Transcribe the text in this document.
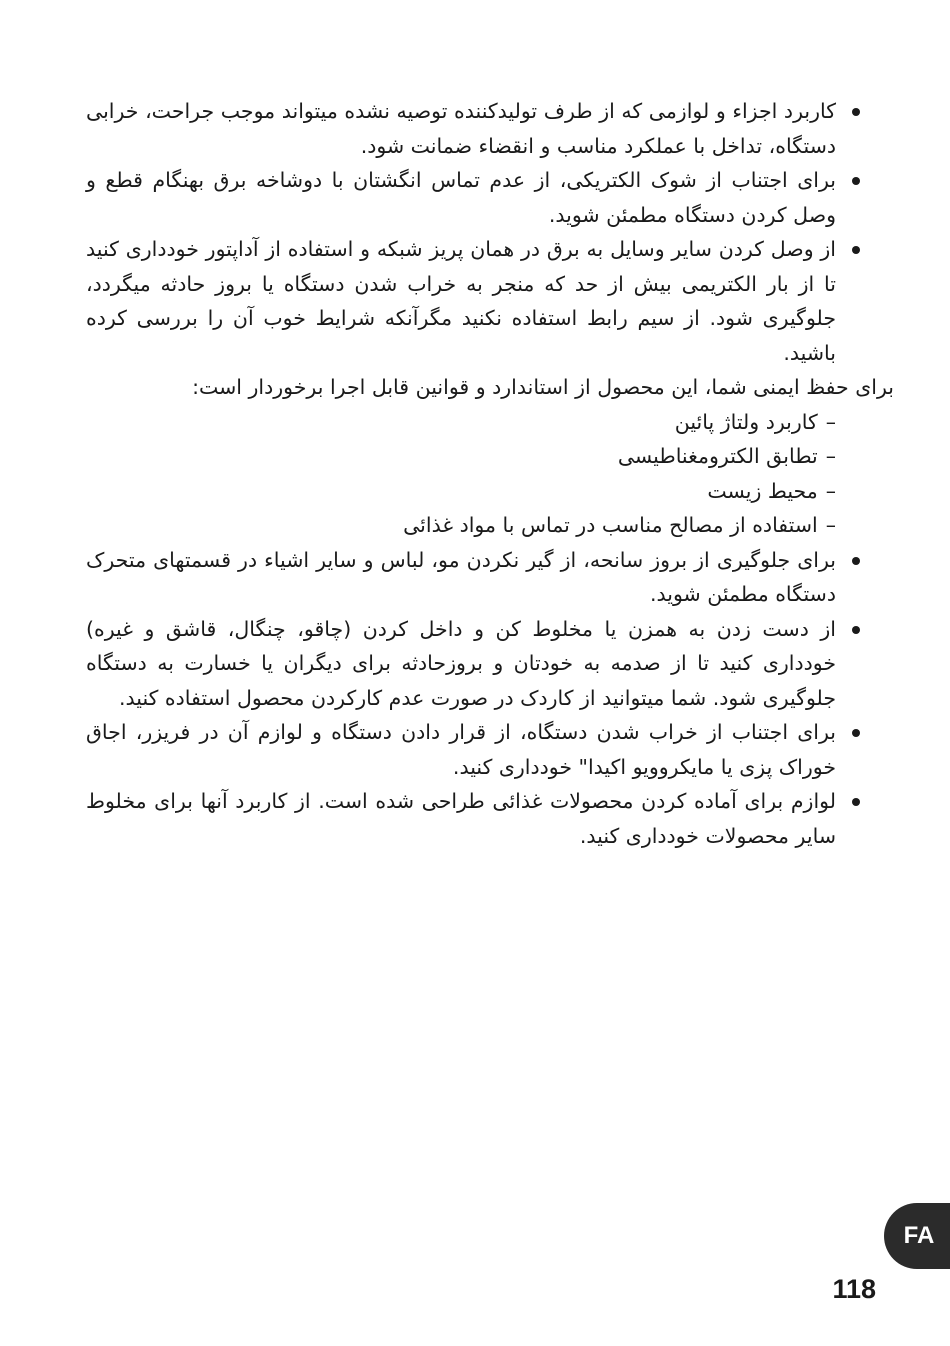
کاربرد اجزاء و لوازمی که از طرف تولیدکننده توصیه نشده میتواند موجب جراحت، خرابی دستگاه، تداخل با عملکرد مناسب و انقضاء ضمانت شود.
برای اجتناب از شوک الکتریکی، از عدم تماس انگشتان با دوشاخه برق بهنگام قطع و وصل کردن دستگاه مطمئن شوید.
از وصل کردن سایر وسایل به برق در همان پریز شبکه و استفاده از آداپتور خودداری کنید تا از بار الکتریمی بیش از حد که منجر به خراب شدن دستگاه یا بروز حادثه میگردد، جلوگیری شود. از سیم رابط استفاده نکنید مگرآنکه شرایط خوب آن را بررسی کرده باشید.
برای حفظ ایمنی شما، این محصول از استاندارد و قوانین قابل اجرا برخوردار است:
–کاربرد ولتاژ پائین
–تطابق الکترومغناطیسی
–محیط زیست
–استفاده از مصالح مناسب در تماس با مواد غذائی
برای جلوگیری از بروز سانحه، از گیر نکردن مو، لباس و سایر اشیاء در قسمتهای متحرک دستگاه مطمئن شوید.
از دست زدن به همزن یا مخلوط کن و داخل کردن (چاقو، چنگال، قاشق و غیره) خودداری کنید تا از صدمه به خودتان و بروزحادثه برای دیگران یا خسارت به دستگاه جلوگیری شود. شما میتوانید از کاردک در صورت عدم کارکردن محصول استفاده کنید.
برای اجتناب از خراب شدن دستگاه، از قرار دادن دستگاه و لوازم آن در فریزر، اجاق خوراک پزی یا مایکروویو اکیدا" خودداری کنید.
لوازم برای آماده کردن محصولات غذائی طراحی شده است. از کاربرد آنها برای مخلوط سایر محصولات خودداری کنید.
FA
118
